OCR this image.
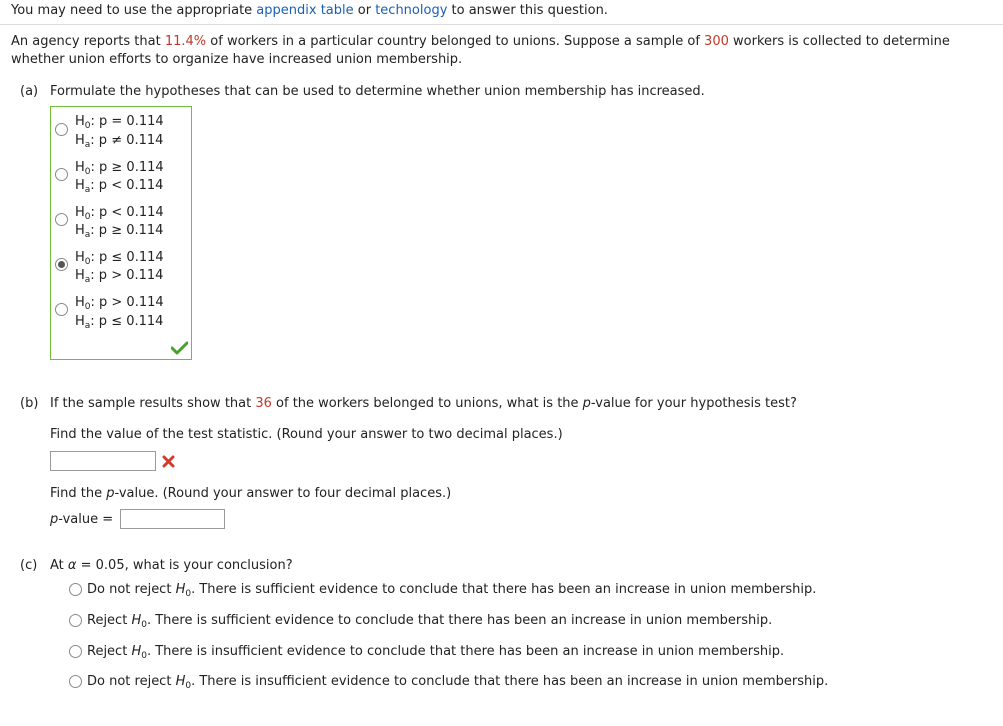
You may need to use the appropriate appendix table or technology to answer this question.
An agency reports that 11.4% of workers in a particular country belonged to unions. Suppose a sample of 300 workers is collected to determine
whether union efforts to organize have increased union membership.
(a) Formulate the hypotheses that can be used to determine whether union membership has increased.
$H_0$: p = 0.114
$H_a$: p ≠ 0.114
$H_0$: p ≥ 0.114
$H_a$: p < 0.114
$H_0$: p < 0.114
$H_a$: p ≥ 0.114
$H_0$: p ≤ 0.114
$H_a$: p > 0.114
$H_0$: p > 0.114
$H_a$: p ≤ 0.114
(b) If the sample results show that 36 of the workers belonged to unions, what is the p-value for your hypothesis test?
Find the value of the test statistic. (Round your answer to two decimal places.)
Find the p-value. (Round your answer to four decimal places.)
p-value =
(c) At α = 0.05, what is your conclusion?
Do not reject $H_0$. There is sufficient evidence to conclude that there has been an increase in union membership.
Reject $H_0$. There is sufficient evidence to conclude that there has been an increase in union membership.
Reject $H_0$. There is insufficient evidence to conclude that there has been an increase in union membership.
Do not reject $H_0$. There is insufficient evidence to conclude that there has been an increase in union membership.
